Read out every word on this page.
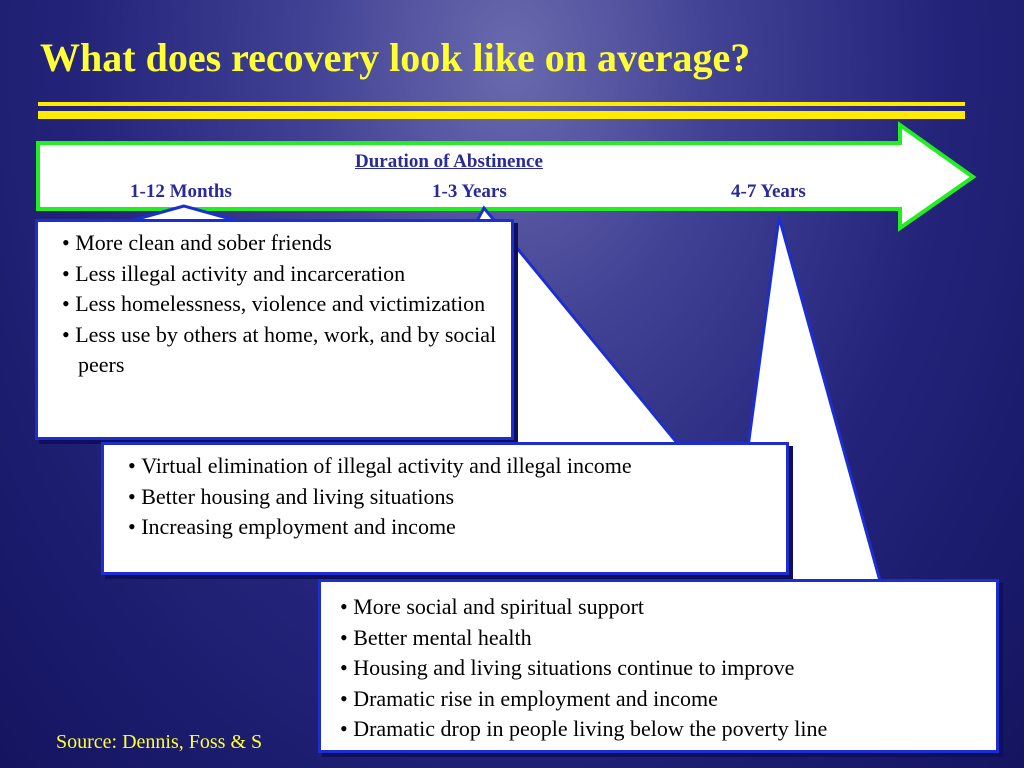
What does recovery look like on average?
Duration of Abstinence
1-12 Months	1-3 Years	4-7 Years
• More clean and sober friends
• Less illegal activity and incarceration
• Less homelessness, violence and victimization
• Less use by others at home, work, and by social peers
• Virtual elimination of illegal activity and illegal income
• Better housing and living situations
• Increasing employment and income
• More social and spiritual support
• Better mental health
• Housing and living situations continue to improve
• Dramatic rise in employment and income
• Dramatic drop in people living below the poverty line
Source: Dennis, Foss & S
